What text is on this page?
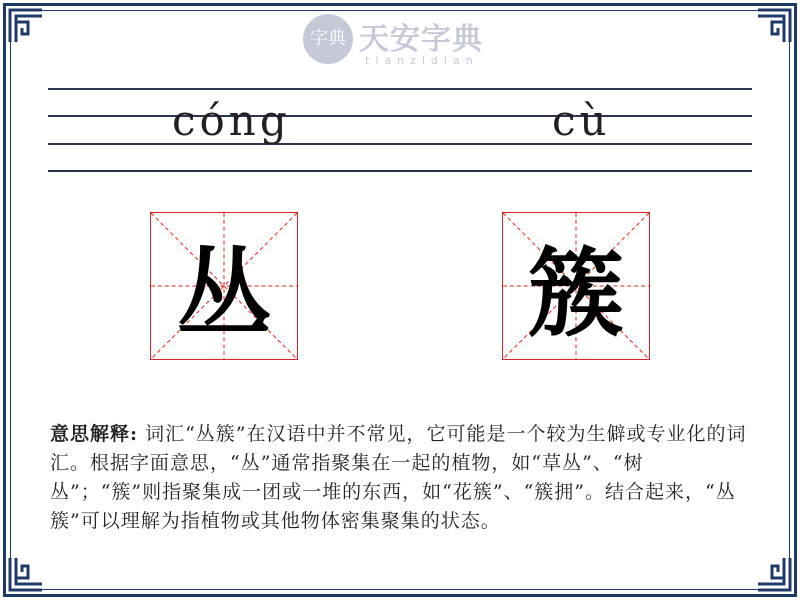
字典 天安字典
tianzidian
cóng	cù
丛	簇
意思解释: 词汇“丛簇”在汉语中并不常见，它可能是一个较为生僻或专业化的词汇。根据字面意思，“丛”通常指聚集在一起的植物，如“草丛”、“树丛”；“簇”则指聚集成一团或一堆的东西，如“花簇”、“簇拥”。结合起来，“丛簇”可以理解为指植物或其他物体密集聚集的状态。
